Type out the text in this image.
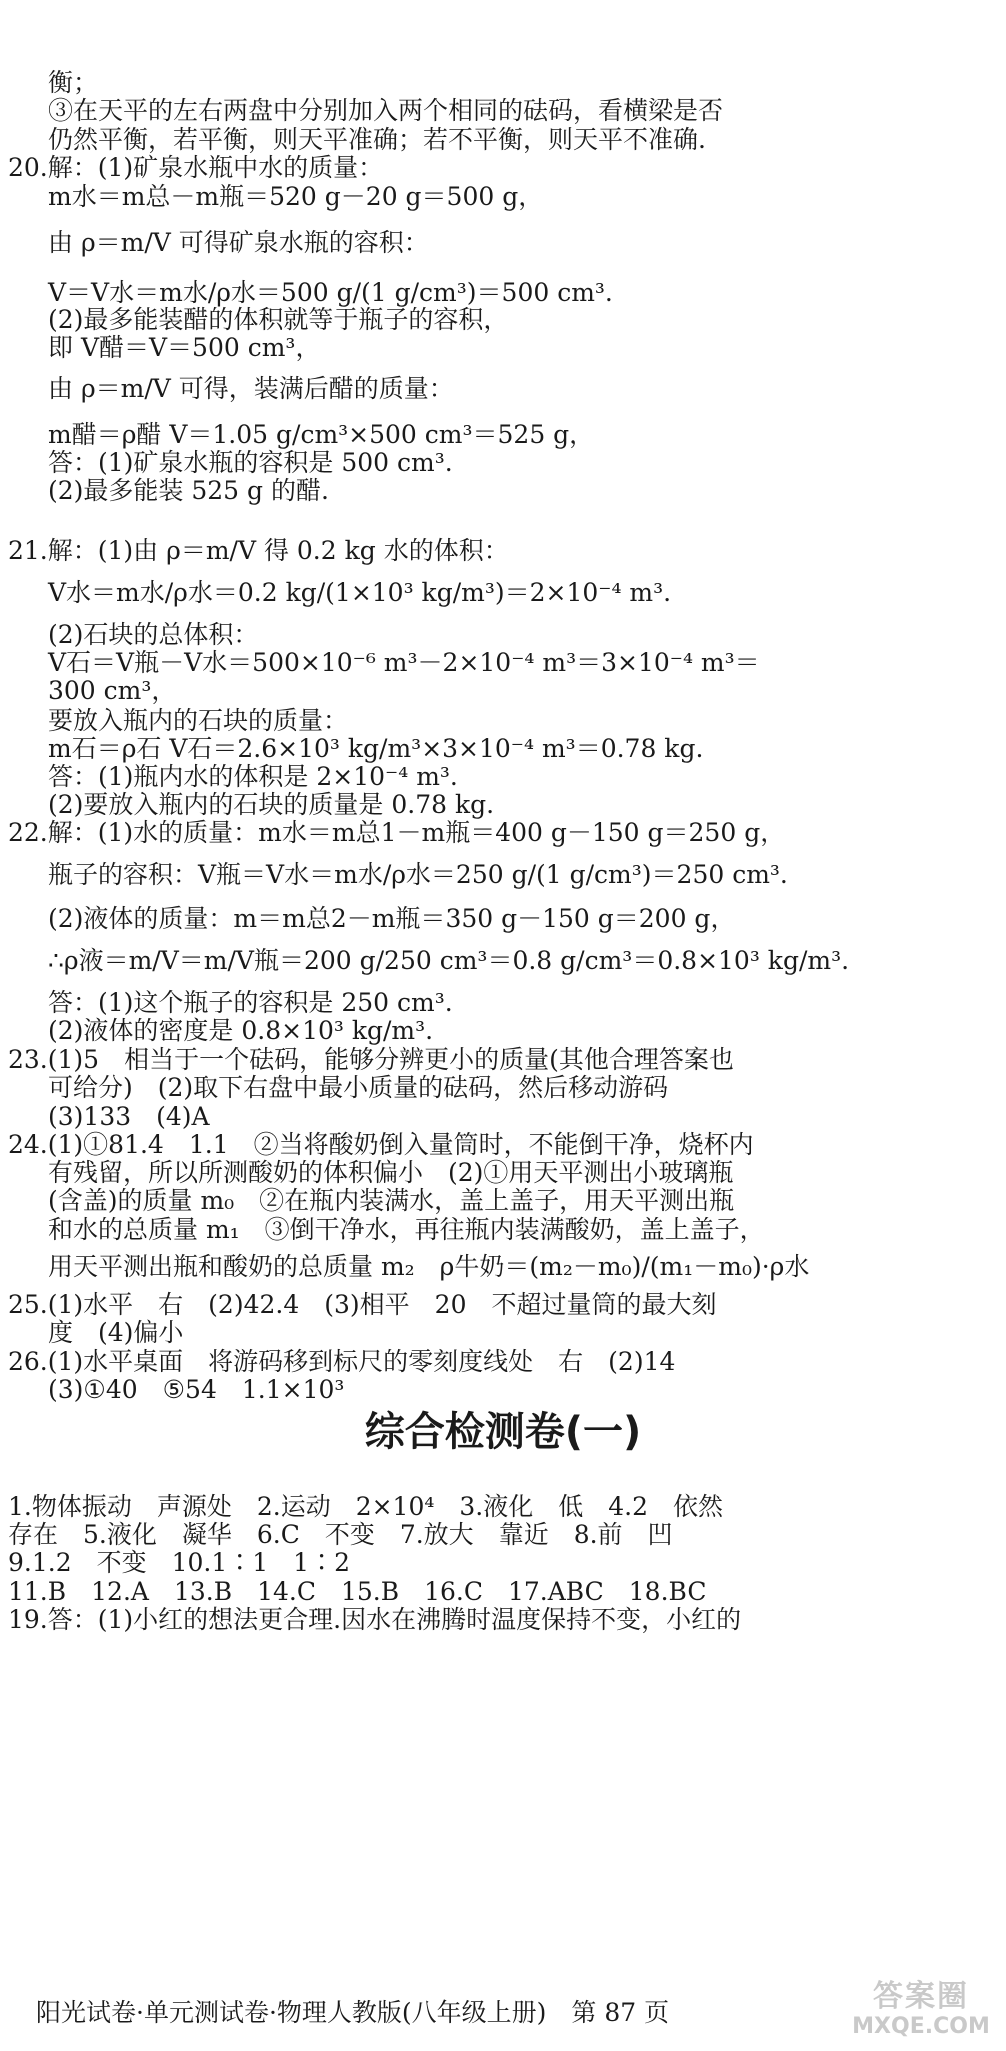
衡；
③在天平的左右两盘中分别加入两个相同的砝码，看横梁是否
仍然平衡，若平衡，则天平准确；若不平衡，则天平不准确.
20.解：(1)矿泉水瓶中水的质量：
m水＝m总－m瓶＝520 g－20 g＝500 g，
由 ρ＝m/V 可得矿泉水瓶的容积：
V＝V水＝m水/ρ水＝500 g/(1 g/cm³)＝500 cm³.
(2)最多能装醋的体积就等于瓶子的容积，
即 V醋＝V＝500 cm³，
由 ρ＝m/V 可得，装满后醋的质量：
m醋＝ρ醋 V＝1.05 g/cm³×500 cm³＝525 g，
答：(1)矿泉水瓶的容积是 500 cm³.
(2)最多能装 525 g 的醋.
21.解：(1)由 ρ＝m/V 得 0.2 kg 水的体积：
V水＝m水/ρ水＝0.2 kg/(1×10³ kg/m³)＝2×10⁻⁴ m³.
(2)石块的总体积：
V石＝V瓶－V水＝500×10⁻⁶ m³－2×10⁻⁴ m³＝3×10⁻⁴ m³＝
300 cm³，
要放入瓶内的石块的质量：
m石＝ρ石 V石＝2.6×10³ kg/m³×3×10⁻⁴ m³＝0.78 kg.
答：(1)瓶内水的体积是 2×10⁻⁴ m³.
(2)要放入瓶内的石块的质量是 0.78 kg.
22.解：(1)水的质量：m水＝m总1－m瓶＝400 g－150 g＝250 g，
瓶子的容积：V瓶＝V水＝m水/ρ水＝250 g/(1 g/cm³)＝250 cm³.
(2)液体的质量：m＝m总2－m瓶＝350 g－150 g＝200 g，
∴ρ液＝m/V＝m/V瓶＝200 g/250 cm³＝0.8 g/cm³＝0.8×10³ kg/m³.
答：(1)这个瓶子的容积是 250 cm³.
(2)液体的密度是 0.8×10³ kg/m³.
23.(1)5　相当于一个砝码，能够分辨更小的质量(其他合理答案也
可给分)　(2)取下右盘中最小质量的砝码，然后移动游码
(3)133　(4)A
24.(1)①81.4　1.1　②当将酸奶倒入量筒时，不能倒干净，烧杯内
有残留，所以所测酸奶的体积偏小　(2)①用天平测出小玻璃瓶
(含盖)的质量 m₀　②在瓶内装满水，盖上盖子，用天平测出瓶
和水的总质量 m₁　③倒干净水，再往瓶内装满酸奶，盖上盖子，
用天平测出瓶和酸奶的总质量 m₂　ρ牛奶＝(m₂－m₀)/(m₁－m₀)·ρ水
25.(1)水平　右　(2)42.4　(3)相平　20　不超过量筒的最大刻
度　(4)偏小
26.(1)水平桌面　将游码移到标尺的零刻度线处　右　(2)14
(3)①40　⑤54　1.1×10³
综合检测卷(一)
1.物体振动　声源处　2.运动　2×10⁴　3.液化　低　4.2　依然
存在　5.液化　凝华　6.C　不变　7.放大　靠近　8.前　凹
9.1.2　不变　10.1∶1　1∶2
11.B　12.A　13.B　14.C　15.B　16.C　17.ABC　18.BC
19.答：(1)小红的想法更合理.因水在沸腾时温度保持不变，小红的
阳光试卷·单元测试卷·物理人教版(八年级上册)　第 87 页	答案圈
MXQE.COM
